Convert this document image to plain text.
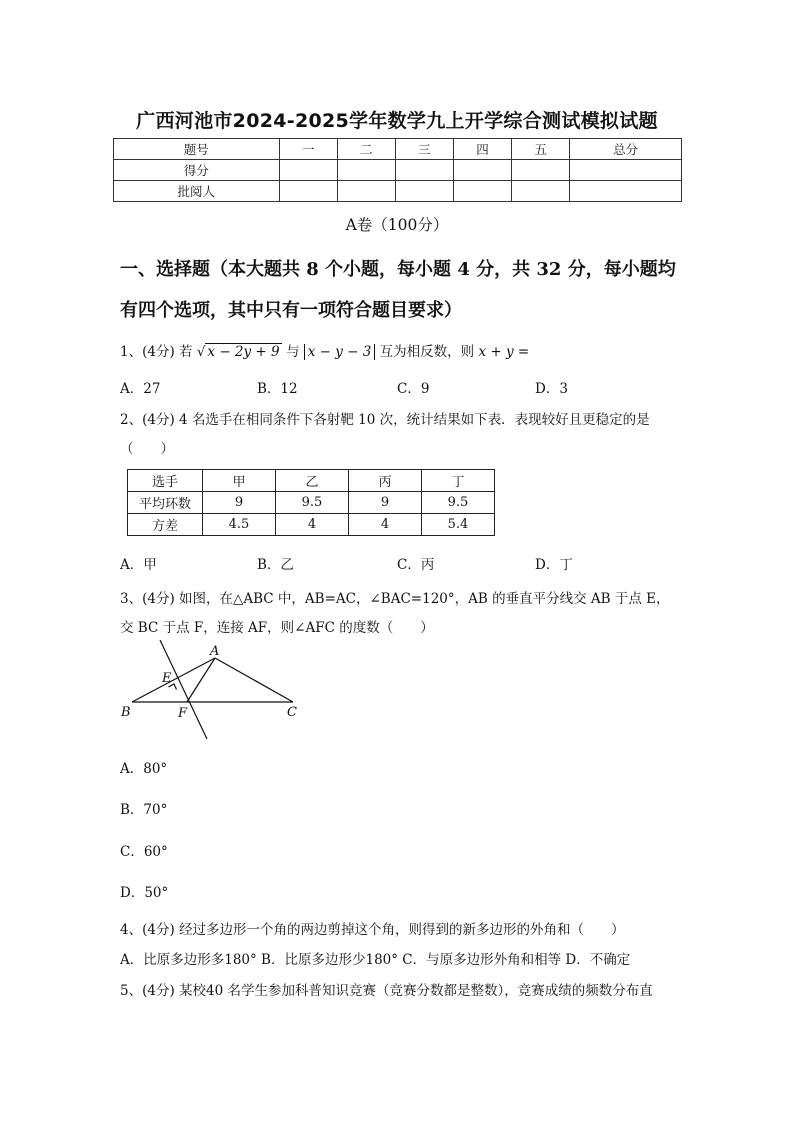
广西河池市2024-2025学年数学九上开学综合测试模拟试题
题号	一	二	三	四	五	总分
得分						
批阅人						
A卷（100分）
一、选择题（本大题共 8 个小题，每小题 4 分，共 32 分，每小题均
有四个选项，其中只有一项符合题目要求）
1、(4分) 若 √ x − 2y + 9 与 x − y − 3 互为相反数，则 x + y =
A．27	B．12	C．9	D．3
2、(4分) 4 名选手在相同条件下各射靶 10 次，统计结果如下表．表现较好且更稳定的是
（　　）
选手	甲	乙	丙	丁
平均环数	9	9.5	9	9.5
方差	4.5	4	4	5.4
A．甲	B．乙	C．丙	D．丁
3、(4分) 如图，在△ABC 中，AB=AC，∠BAC=120°，AB 的垂直平分线交 AB 于点 E，
交 BC 于点 F，连接 AF，则∠AFC 的度数（　　）
A
B	C
E
F
A．80°
B．70°
C．60°
D．50°
4、(4分) 经过多边形一个角的两边剪掉这个角，则得到的新多边形的外角和（　　）
A．比原多边形多180° B．比原多边形少180° C．与原多边形外角和相等 D．不确定
5、(4分) 某校40 名学生参加科普知识竞赛（竞赛分数都是整数），竞赛成绩的频数分布直
